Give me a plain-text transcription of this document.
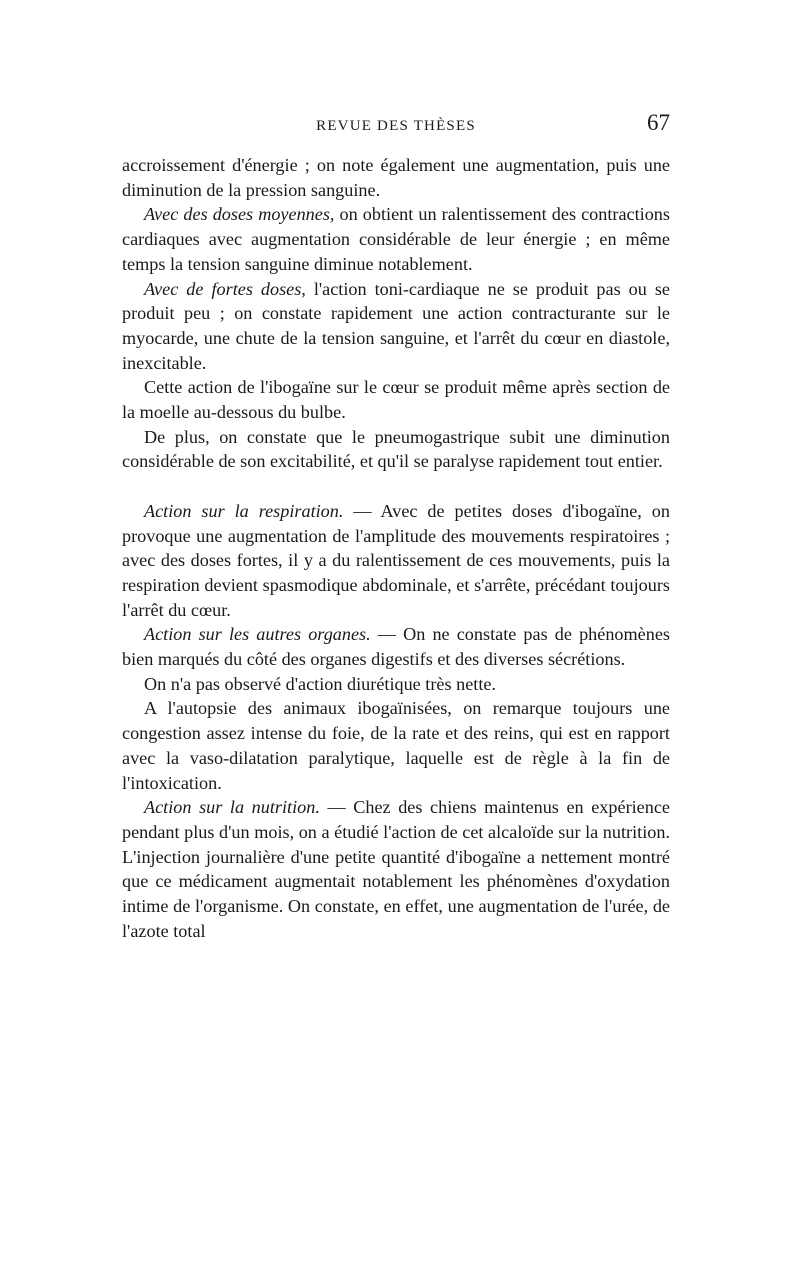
REVUE DES THÈSES	67

accroissement d'énergie ; on note également une augmentation, puis une diminution de la pression sanguine.

Avec des doses moyennes, on obtient un ralentissement des contractions cardiaques avec augmentation considérable de leur énergie ; en même temps la tension sanguine diminue notablement.

Avec de fortes doses, l'action toni-cardiaque ne se produit pas ou se produit peu ; on constate rapidement une action contracturante sur le myocarde, une chute de la tension sanguine, et l'arrêt du cœur en diastole, inexcitable.

Cette action de l'ibogaïne sur le cœur se produit même après section de la moelle au-dessous du bulbe.

De plus, on constate que le pneumogastrique subit une diminution considérable de son excitabilité, et qu'il se paralyse rapidement tout entier.

Action sur la respiration. — Avec de petites doses d'ibogaïne, on provoque une augmentation de l'amplitude des mouvements respiratoires ; avec des doses fortes, il y a du ralentissement de ces mouvements, puis la respiration devient spasmodique abdominale, et s'arrête, précédant toujours l'arrêt du cœur.

Action sur les autres organes. — On ne constate pas de phénomènes bien marqués du côté des organes digestifs et des diverses sécrétions.

On n'a pas observé d'action diurétique très nette.

A l'autopsie des animaux ibogaïnisées, on remarque toujours une congestion assez intense du foie, de la rate et des reins, qui est en rapport avec la vaso-dilatation paralytique, laquelle est de règle à la fin de l'intoxication.

Action sur la nutrition. — Chez des chiens maintenus en expérience pendant plus d'un mois, on a étudié l'action de cet alcaloïde sur la nutrition. L'injection journalière d'une petite quantité d'ibogaïne a nettement montré que ce médicament augmentait notablement les phénomènes d'oxydation intime de l'organisme. On constate, en effet, une augmentation de l'urée, de l'azote total
